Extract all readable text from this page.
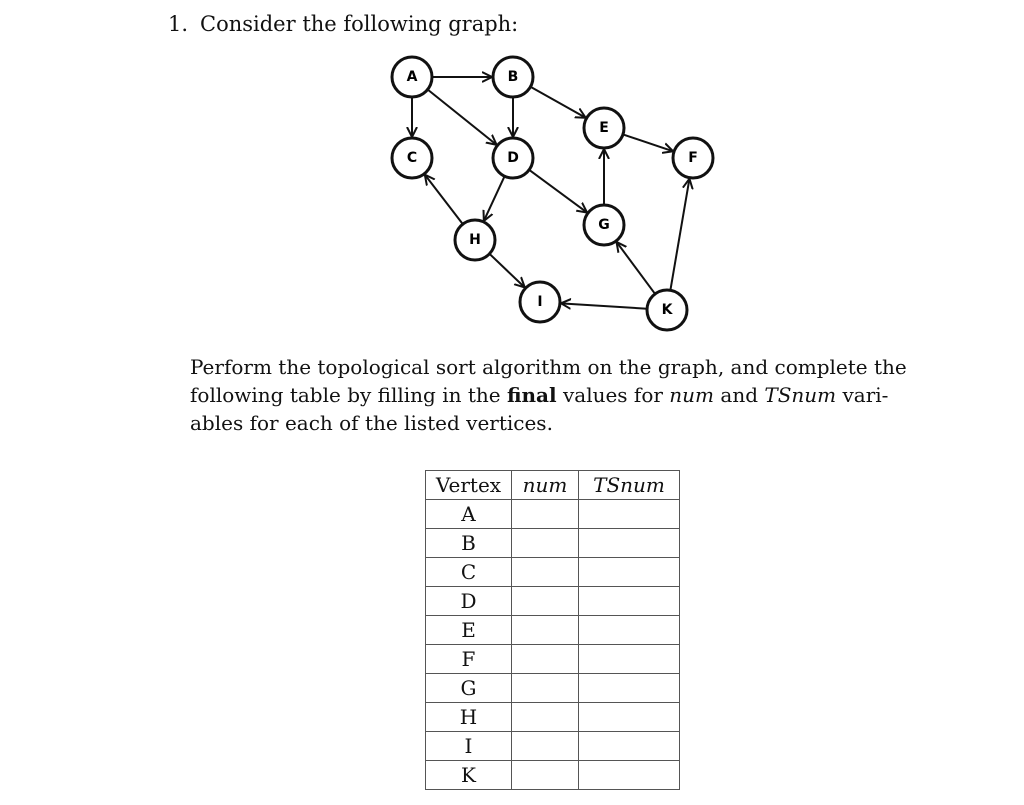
1. Consider the following graph:
A	B
C	D
E
F
G
H
I	K
Perform the topological sort algorithm on the graph, and complete the
following table by filling in the final values for num and TSnum vari-
ables for each of the listed vertices.
Vertex	num	TSnum
A		
B		
C		
D		
E		
F		
G		
H		
I		
K		
